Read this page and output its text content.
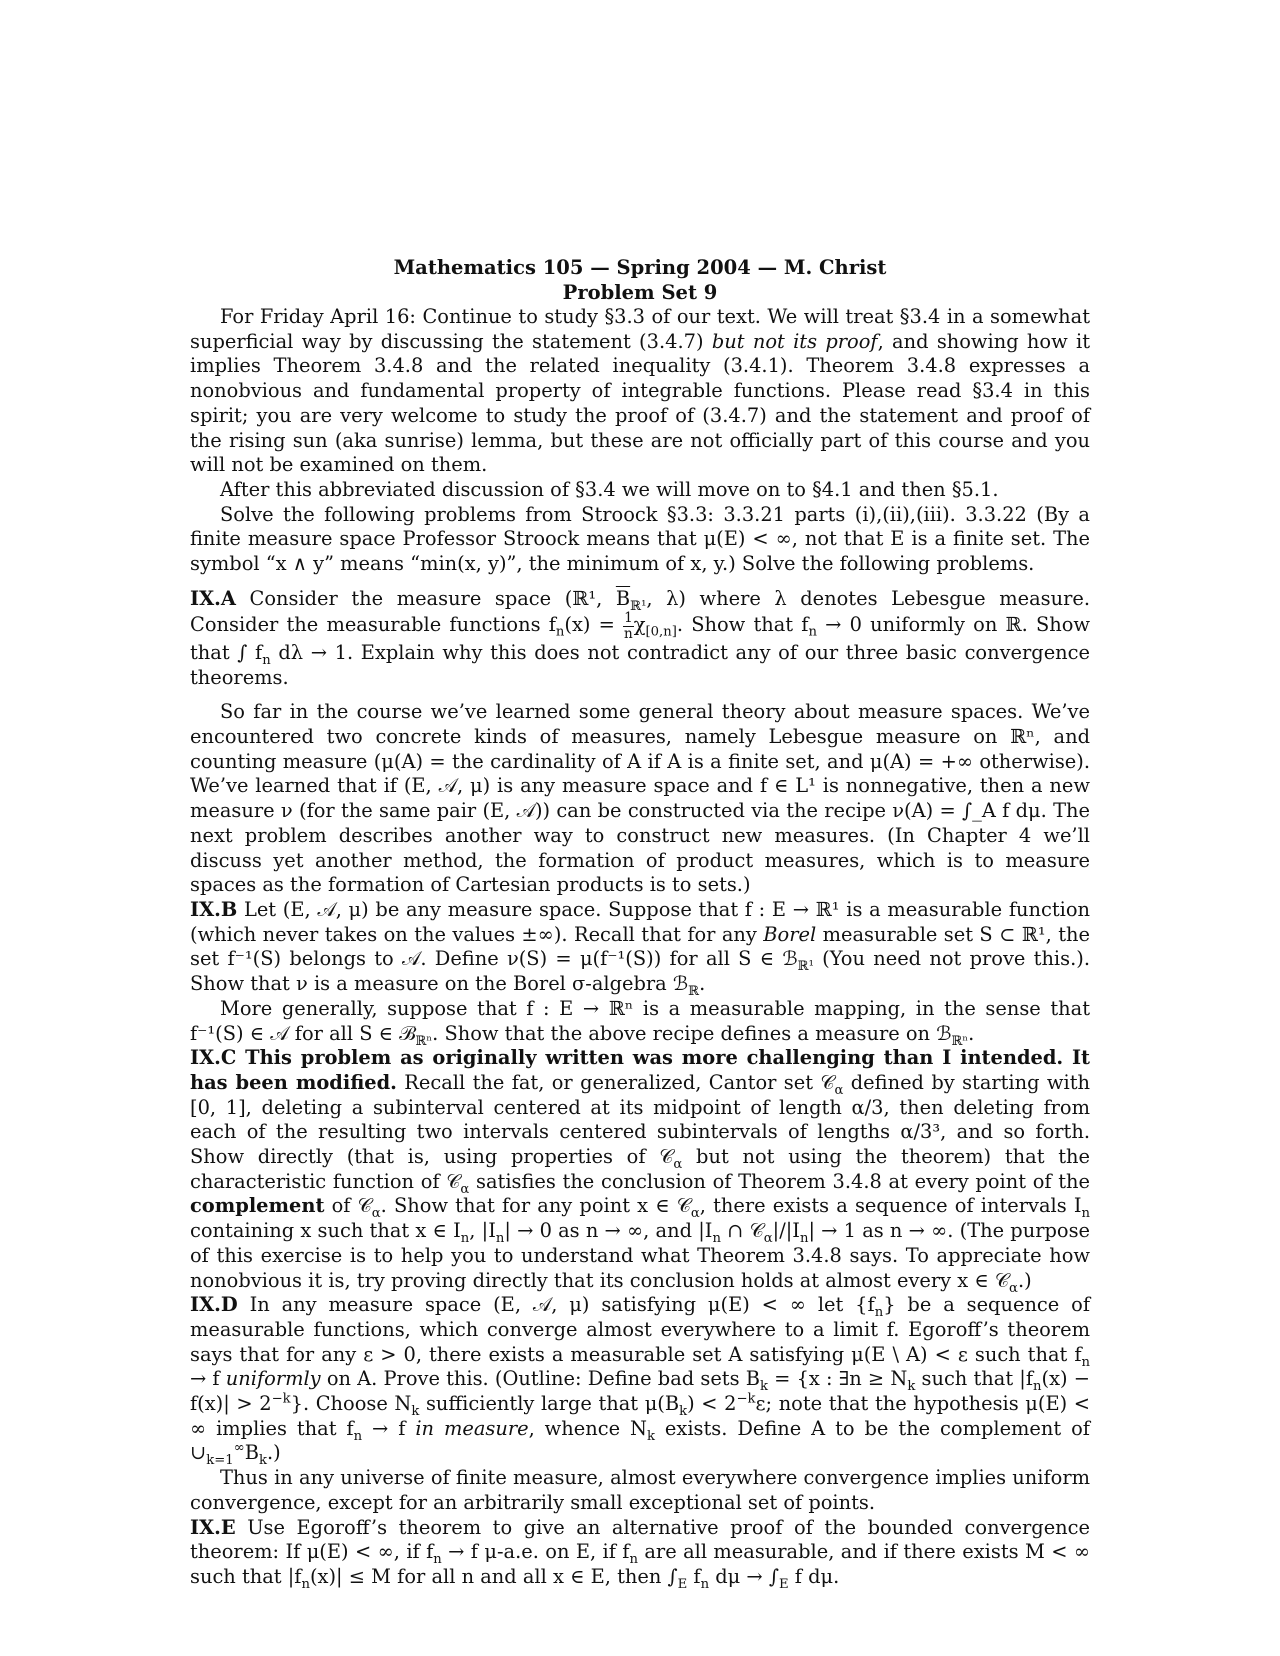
Mathematics 105 — Spring 2004 — M. Christ
Problem Set 9

For Friday April 16: Continue to study §3.3 of our text. We will treat §3.4 in a somewhat superficial way by discussing the statement (3.4.7) but not its proof, and showing how it implies Theorem 3.4.8 and the related inequality (3.4.1). Theorem 3.4.8 expresses a nonobvious and fundamental property of integrable functions. Please read §3.4 in this spirit; you are very welcome to study the proof of (3.4.7) and the statement and proof of the rising sun (aka sunrise) lemma, but these are not officially part of this course and you will not be examined on them.

After this abbreviated discussion of §3.4 we will move on to §4.1 and then §5.1.

Solve the following problems from Stroock §3.3: 3.3.21 parts (i),(ii),(iii). 3.3.22 (By a finite measure space Professor Stroock means that μ(E) < ∞, not that E is a finite set. The symbol “x ∧ y” means “min(x, y)”, the minimum of x, y.) Solve the following problems.

IX.A Consider the measure space (ℝ¹, $\overline{B}_{ℝ^1}$, λ) where λ denotes Lebesgue measure. Consider the measurable functions $f_n(x) = \frac{1}{n} \chi_{[0,n]}$. Show that $f_n \to 0$ uniformly on ℝ. Show that ∫ $f_n$ dλ → 1. Explain why this does not contradict any of our three basic convergence theorems.

So far in the course we’ve learned some general theory about measure spaces. We’ve encountered two concrete kinds of measures, namely Lebesgue measure on ℝⁿ, and counting measure (μ(A) = the cardinality of A if A is a finite set, and μ(A) = +∞ otherwise). We’ve learned that if (E, 𝒜, μ) is any measure space and f ∈ L¹ is nonnegative, then a new measure ν (for the same pair (E, 𝒜)) can be constructed via the recipe ν(A) = ∫_A f dμ. The next problem describes another way to construct new measures. (In Chapter 4 we’ll discuss yet another method, the formation of product measures, which is to measure spaces as the formation of Cartesian products is to sets.)

IX.B Let (E, 𝒜, μ) be any measure space. Suppose that f : E → ℝ¹ is a measurable function (which never takes on the values ±∞). Recall that for any Borel measurable set S ⊂ ℝ¹, the set f⁻¹(S) belongs to 𝒜. Define ν(S) = μ(f⁻¹(S)) for all S ∈ ℬ$_{ℝ^1}$ (You need not prove this.). Show that ν is a measure on the Borel σ-algebra ℬ$_ℝ$.

More generally, suppose that f : E → ℝⁿ is a measurable mapping, in the sense that f⁻¹(S) ∈ 𝒜 for all S ∈ ℬ$_{ℝ^n}$. Show that the above recipe defines a measure on ℬ$_{ℝ^n}$.

IX.C This problem as originally written was more challenging than I intended. It has been modified. Recall the fat, or generalized, Cantor set 𝒞$_\alpha$ defined by starting with [0, 1], deleting a subinterval centered at its midpoint of length α/3, then deleting from each of the resulting two intervals centered subintervals of lengths α/3³, and so forth. Show directly (that is, using properties of 𝒞$_\alpha$ but not using the theorem) that the characteristic function of 𝒞$_\alpha$ satisfies the conclusion of Theorem 3.4.8 at every point of the complement of 𝒞$_\alpha$. Show that for any point x ∈ 𝒞$_\alpha$, there exists a sequence of intervals $I_n$ containing x such that x ∈ $I_n$, $|I_n| \to 0$ as n → ∞, and $|I_n$ ∩ $𝒞_\alpha|/|I_n| \to 1$ as n → ∞. (The purpose of this exercise is to help you to understand what Theorem 3.4.8 says. To appreciate how nonobvious it is, try proving directly that its conclusion holds at almost every x ∈ 𝒞$_\alpha$.)

IX.D In any measure space (E, 𝒜, μ) satisfying μ(E) < ∞ let $\{f_n\}$ be a sequence of measurable functions, which converge almost everywhere to a limit f. Egoroff’s theorem says that for any ε > 0, there exists a measurable set A satisfying μ(E \ A) < ε such that $f_n \to f$ uniformly on A. Prove this. (Outline: Define bad sets $B_k = \{x$ : ∃n ≥ $N_k$ such that $|f_n(x) - f(x)| > 2^{-k}$}. Choose $N_k$ sufficiently large that $\mu(B_k) < 2^{-k}\varepsilon$; note that the hypothesis μ(E) < ∞ implies that $f_n \to f$ in measure, whence $N_k$ exists. Define A to be the complement of $\cup_{k=1}^\infty B_k$.)

Thus in any universe of finite measure, almost everywhere convergence implies uniform convergence, except for an arbitrarily small exceptional set of points.

IX.E Use Egoroff’s theorem to give an alternative proof of the bounded convergence theorem: If μ(E) < ∞, if $f_n \to f$ μ-a.e. on E, if $f_n$ are all measurable, and if there exists M < ∞ such that $|f_n(x)| \le M$ for all n and all x ∈ E, then $\int_E$ $f_n$ $d\mu \to \int_E$ f dμ.
